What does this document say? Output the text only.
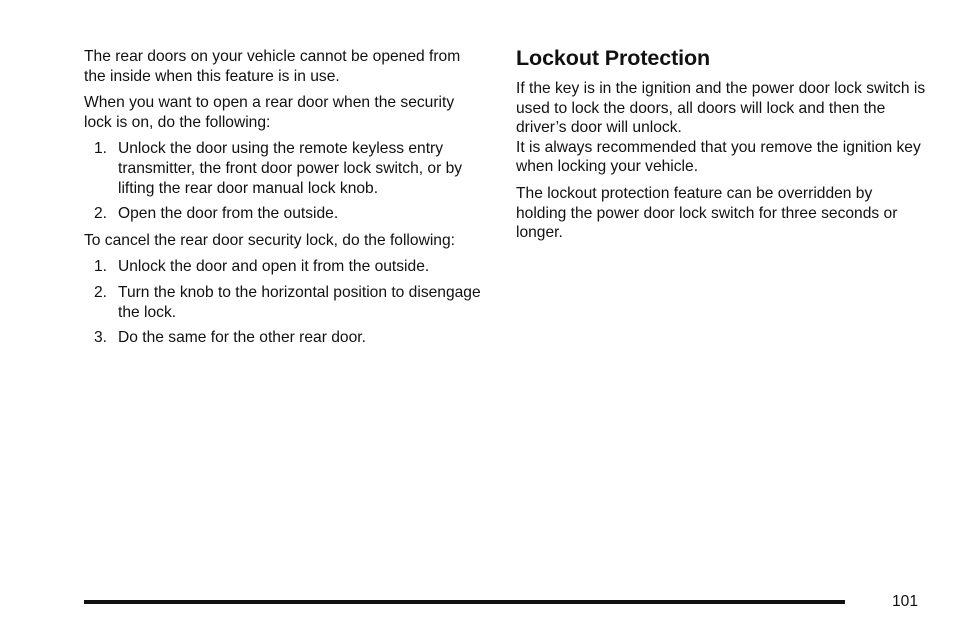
The rear doors on your vehicle cannot be opened from the inside when this feature is in use.

When you want to open a rear door when the security lock is on, do the following:

1. Unlock the door using the remote keyless entry transmitter, the front door power lock switch, or by lifting the rear door manual lock knob.
2. Open the door from the outside.

To cancel the rear door security lock, do the following:

1. Unlock the door and open it from the outside.
2. Turn the knob to the horizontal position to disengage the lock.
3. Do the same for the other rear door.
Lockout Protection

If the key is in the ignition and the power door lock switch is used to lock the doors, all doors will lock and then the driver’s door will unlock.

It is always recommended that you remove the ignition key when locking your vehicle.

The lockout protection feature can be overridden by holding the power door lock switch for three seconds or longer.

101
